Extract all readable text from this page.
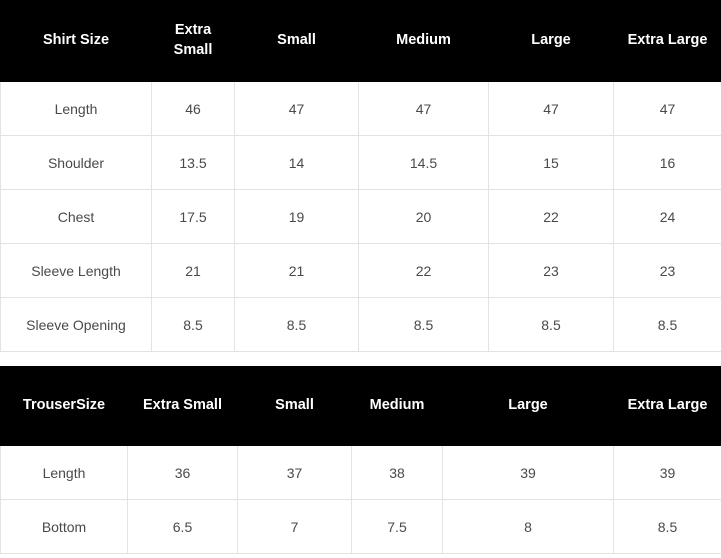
Shirt Size	Extra Small	Small	Medium	Large	Extra Large
Length	46	47	47	47	47
Shoulder	13.5	14	14.5	15	16
Chest	17.5	19	20	22	24
Sleeve Length	21	21	22	23	23
Sleeve Opening	8.5	8.5	8.5	8.5	8.5
TrouserSize	Extra Small	Small	Medium	Large	Extra Large
Length	36	37	38	39	39
Bottom	6.5	7	7.5	8	8.5
